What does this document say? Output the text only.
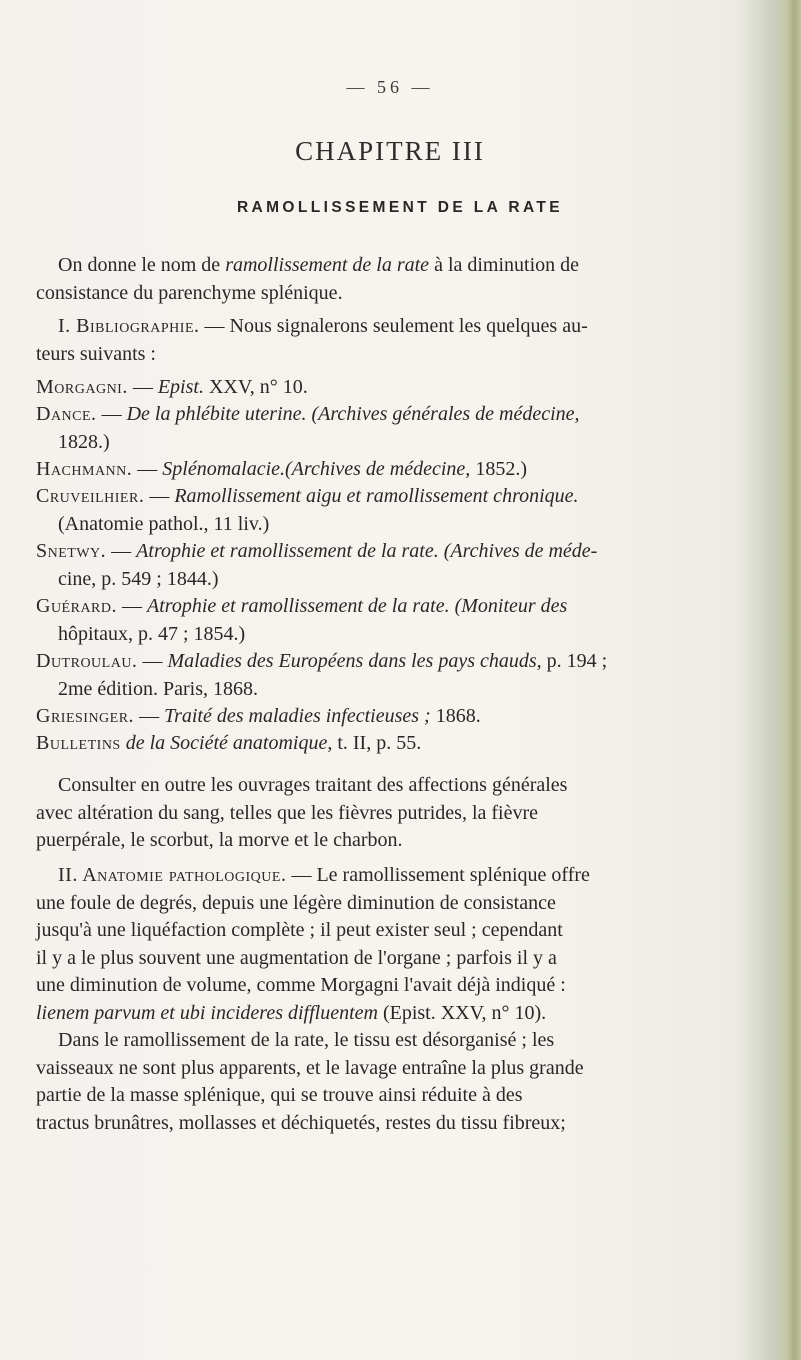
— 56 —
CHAPITRE III
RAMOLLISSEMENT DE LA RATE
On donne le nom de ramollissement de la rate à la diminution de
consistance du parenchyme splénique.
I. Bibliographie. — Nous signalerons seulement les quelques au-
teurs suivants :
Morgagni. — Epist. XXV, n° 10.
Dance. — De la phlébite uterine. (Archives générales de médecine,
1828.)
Hachmann. — Splénomalacie.(Archives de médecine, 1852.)
Cruveilhier. — Ramollissement aigu et ramollissement chronique.
(Anatomie pathol., 11 liv.)
Snetwy. — Atrophie et ramollissement de la rate. (Archives de méde-
cine, p. 549 ; 1844.)
Guérard. — Atrophie et ramollissement de la rate. (Moniteur des
hôpitaux, p. 47 ; 1854.)
Dutroulau. — Maladies des Européens dans les pays chauds, p. 194 ;
2me édition. Paris, 1868.
Griesinger. — Traité des maladies infectieuses ; 1868.
Bulletins de la Société anatomique, t. II, p. 55.
Consulter en outre les ouvrages traitant des affections générales
avec altération du sang, telles que les fièvres putrides, la fièvre
puerpérale, le scorbut, la morve et le charbon.
II. Anatomie pathologique. — Le ramollissement splénique offre
une foule de degrés, depuis une légère diminution de consistance
jusqu'à une liquéfaction complète ; il peut exister seul ; cependant
il y a le plus souvent une augmentation de l'organe ; parfois il y a
une diminution de volume, comme Morgagni l'avait déjà indiqué :
lienem parvum et ubi incideres diffluentem (Epist. XXV, n° 10).
Dans le ramollissement de la rate, le tissu est désorganisé ; les
vaisseaux ne sont plus apparents, et le lavage entraîne la plus grande
partie de la masse splénique, qui se trouve ainsi réduite à des
tractus brunâtres, mollasses et déchiquetés, restes du tissu fibreux;
